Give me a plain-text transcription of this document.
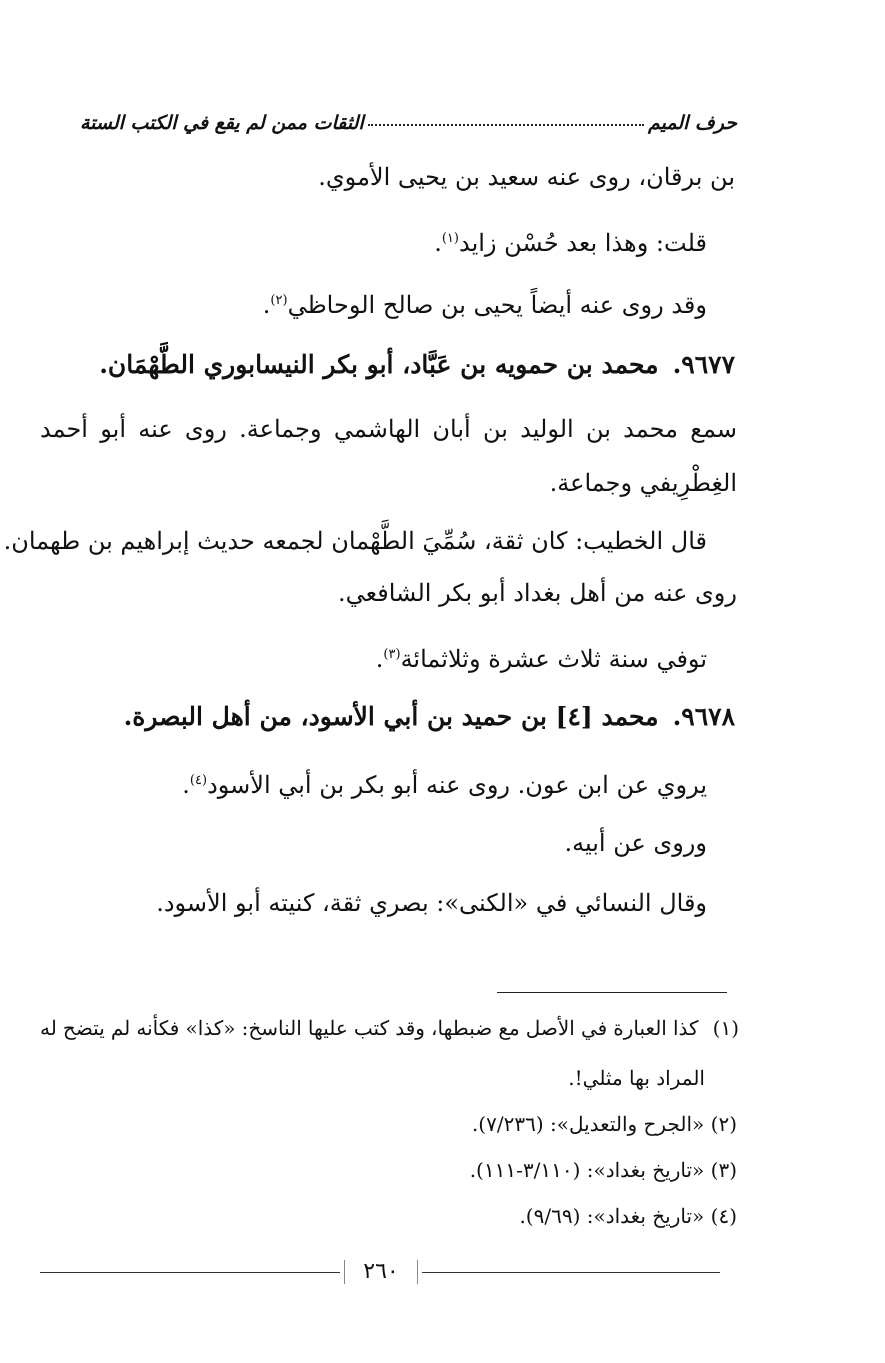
حرف الميم
الثقات ممن لم يقع في الكتب الستة
بن برقان، روى عنه سعيد بن يحيى الأموي.
قلت: وهذا بعد حُسْن زايد$^{(١)}$.
وقد روى عنه أيضاً يحيى بن صالح الوحاظي$^{(٢)}$.
٩٦٧٧.محمد بن حمويه بن عَبَّاد، أبو بكر النيسابوري الطَّهْمَان.
سمع
محمد
بن
الوليد
بن
أبان
الهاشمي
وجماعة.
روى
عنه
أبو
أحمد
الغِطْرِيفي وجماعة.
قال الخطيب: كان ثقة، سُمِّيَ الطَّهْمان لجمعه حديث إبراهيم بن طهمان.
روى عنه من أهل بغداد أبو بكر الشافعي.
توفي سنة ثلاث عشرة وثلاثمائة$^{(٣)}$.
٩٦٧٨.محمد [٤] بن حميد بن أبي الأسود، من أهل البصرة.
يروي عن ابن عون. روى عنه أبو بكر بن أبي الأسود$^{(٤)}$.
وروى عن أبيه.
وقال النسائي في «الكنى»: بصري ثقة، كنيته أبو الأسود.
(١)
كذا
العبارة
في
الأصل
مع
ضبطها،
وقد
كتب
عليها
الناسخ:
«كذا»
فكأنه
لم
يتضح
له
المراد بها مثلي!.
(٢) «الجرح والتعديل»: (٧/٢٣٦).
(٣) «تاريخ بغداد»: (٣/١١٠-١١١).
(٤) «تاريخ بغداد»: (٩/٦٩).
٢٦٠
